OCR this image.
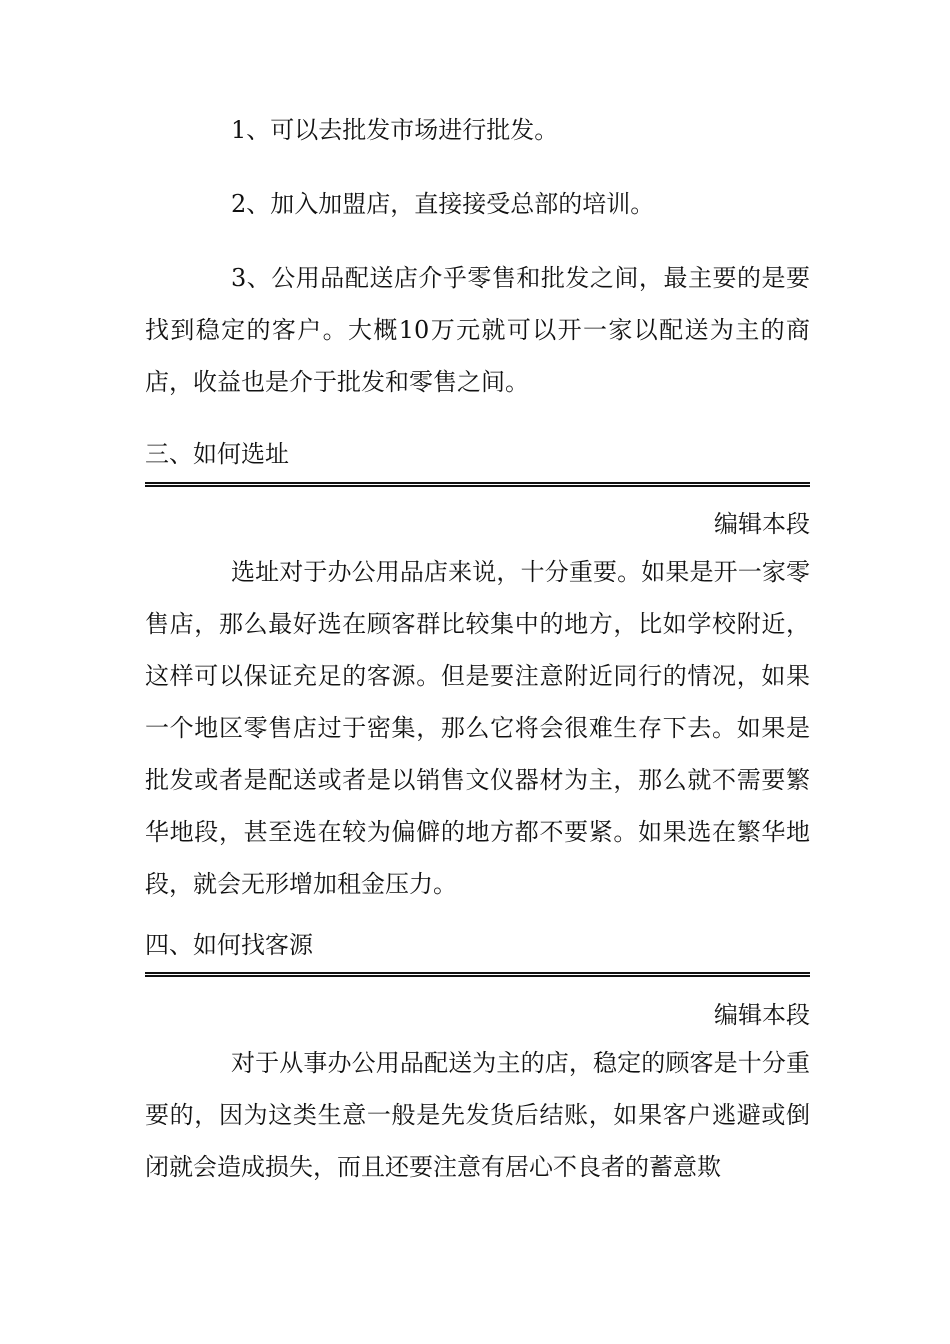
1、可以去批发市场进行批发。

2、加入加盟店，直接接受总部的培训。

3、公用品配送店介乎零售和批发之间，最主要的是要找到稳定的客户。大概10万元就可以开一家以配送为主的商店，收益也是介于批发和零售之间。

三、如何选址
编辑本段

选址对于办公用品店来说，十分重要。如果是开一家零售店，那么最好选在顾客群比较集中的地方，比如学校附近，这样可以保证充足的客源。但是要注意附近同行的情况，如果一个地区零售店过于密集，那么它将会很难生存下去。如果是批发或者是配送或者是以销售文仪器材为主，那么就不需要繁华地段，甚至选在较为偏僻的地方都不要紧。如果选在繁华地段，就会无形增加租金压力。

四、如何找客源
编辑本段

对于从事办公用品配送为主的店，稳定的顾客是十分重要的，因为这类生意一般是先发货后结账，如果客户逃避或倒闭就会造成损失，而且还要注意有居心不良者的蓄意欺
